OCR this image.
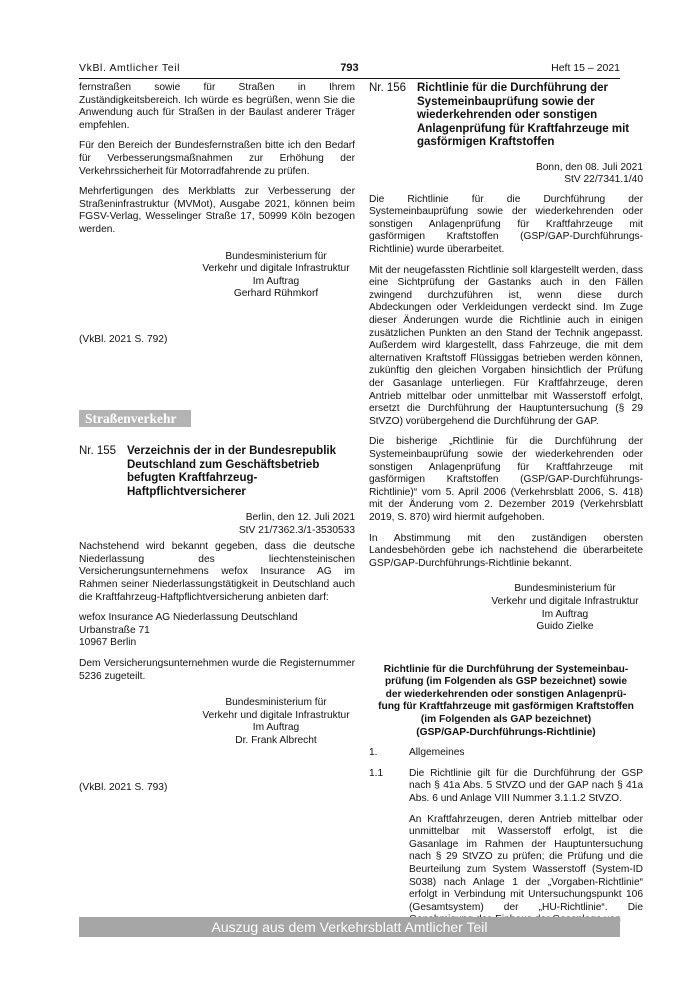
VkBl. Amtlicher Teil	793	Heft 15 – 2021

fernstraßen sowie für Straßen in Ihrem Zuständigkeitsbereich. Ich würde es begrüßen, wenn Sie die Anwendung auch für Straßen in der Baulast anderer Träger empfehlen.

Für den Bereich der Bundesfernstraßen bitte ich den Bedarf für Verbesserungsmaßnahmen zur Erhöhung der Verkehrssicherheit für Motorradfahrende zu prüfen.

Mehrfertigungen des Merkblatts zur Verbesserung der Straßeninfrastruktur (MVMot), Ausgabe 2021, können beim FGSV-Verlag, Wesselinger Straße 17, 50999 Köln bezogen werden.

Bundesministerium für

Verkehr und digitale Infrastruktur

Im Auftrag

Gerhard Rühmkorf

(VkBl. 2021 S. 792)

Straßenverkehr
Nr. 155 Verzeichnis der in der Bundesrepublik Deutschland zum Geschäftsbetrieb befugten Kraftfahrzeug-Haftpflichtversicherer

Berlin, den 12. Juli 2021

StV 21/7362.3/1-3530533

Nachstehend wird bekannt gegeben, dass die deutsche Niederlassung des liechtensteinischen Versicherungsunternehmens wefox Insurance AG im Rahmen seiner Niederlassungstätigkeit in Deutschland auch die Kraftfahrzeug-Haftpflichtversicherung anbieten darf:

wefox Insurance AG Niederlassung Deutschland

Urbanstraße 71

10967 Berlin

Dem Versicherungsunternehmen wurde die Registernummer 5236 zugeteilt.

Bundesministerium für

Verkehr und digitale Infrastruktur

Im Auftrag

Dr. Frank Albrecht

(VkBl. 2021 S. 793)

Nr. 156 Richtlinie für die Durchführung der Systemeinbauprüfung sowie der wiederkehrenden oder sonstigen Anlagenprüfung für Kraftfahrzeuge mit gasförmigen Kraftstoffen

Bonn, den 08. Juli 2021

StV 22/7341.1/40

Die Richtlinie für die Durchführung der Systemeinbauprüfung sowie der wiederkehrenden oder sonstigen Anlagenprüfung für Kraftfahrzeuge mit gasförmigen Kraftstoffen (GSP/GAP-Durchführungs-Richtlinie) wurde überarbeitet.

Mit der neugefassten Richtlinie soll klargestellt werden, dass eine Sichtprüfung der Gastanks auch in den Fällen zwingend durchzuführen ist, wenn diese durch Abdeckungen oder Verkleidungen verdeckt sind. Im Zuge dieser Änderungen wurde die Richtlinie auch in einigen zusätzlichen Punkten an den Stand der Technik angepasst. Außerdem wird klargestellt, dass Fahrzeuge, die mit dem alternativen Kraftstoff Flüssiggas betrieben werden können, zukünftig den gleichen Vorgaben hinsichtlich der Prüfung der Gasanlage unterliegen. Für Kraftfahrzeuge, deren Antrieb mittelbar oder unmittelbar mit Wasserstoff erfolgt, ersetzt die Durchführung der Hauptuntersuchung (§ 29 StVZO) vorübergehend die Durchführung der GAP.

Die bisherige „Richtlinie für die Durchführung der Systemeinbauprüfung sowie der wiederkehrenden oder sonstigen Anlagenprüfung für Kraftfahrzeuge mit gasförmigen Kraftstoffen (GSP/GAP-Durchführungs-Richtlinie)“ vom 5. April 2006 (Verkehrsblatt 2006, S. 418) mit der Änderung vom 2. Dezember 2019 (Verkehrsblatt 2019, S. 870) wird hiermit aufgehoben.

In Abstimmung mit den zuständigen obersten Landesbehörden gebe ich nachstehend die überarbeitete GSP/GAP-Durchführungs-Richtlinie bekannt.

Bundesministerium für

Verkehr und digitale Infrastruktur

Im Auftrag

Guido Zielke

Richtlinie für die Durchführung der Systemeinbau-

prüfung (im Folgenden als GSP bezeichnet) sowie

der wiederkehrenden oder sonstigen Anlagenprü-

fung für Kraftfahrzeuge mit gasförmigen Kraftstoffen

(im Folgenden als GAP bezeichnet)

(GSP/GAP-Durchführungs-Richtlinie)

1.	Allgemeines
1.1	Die Richtlinie gilt für die Durchführung der GSP nach § 41a Abs. 5 StVZO und der GAP nach § 41a Abs. 6 und Anlage VIII Nummer 3.1.1.2 StVZO.

An Kraftfahrzeugen, deren Antrieb mittelbar oder unmittelbar mit Wasserstoff erfolgt, ist die Gasanlage im Rahmen der Hauptuntersuchung nach § 29 StVZO zu prüfen; die Prüfung und die Beurteilung zum System Wasserstoff (System-ID S038) nach Anlage 1 der „Vorgaben-Richtlinie“ erfolgt in Verbindung mit Untersuchungspunkt 106 (Gesamtsystem) der „HU-Richtlinie“. Die

Auszug aus dem Verkehrsblatt Amtlicher Teil
